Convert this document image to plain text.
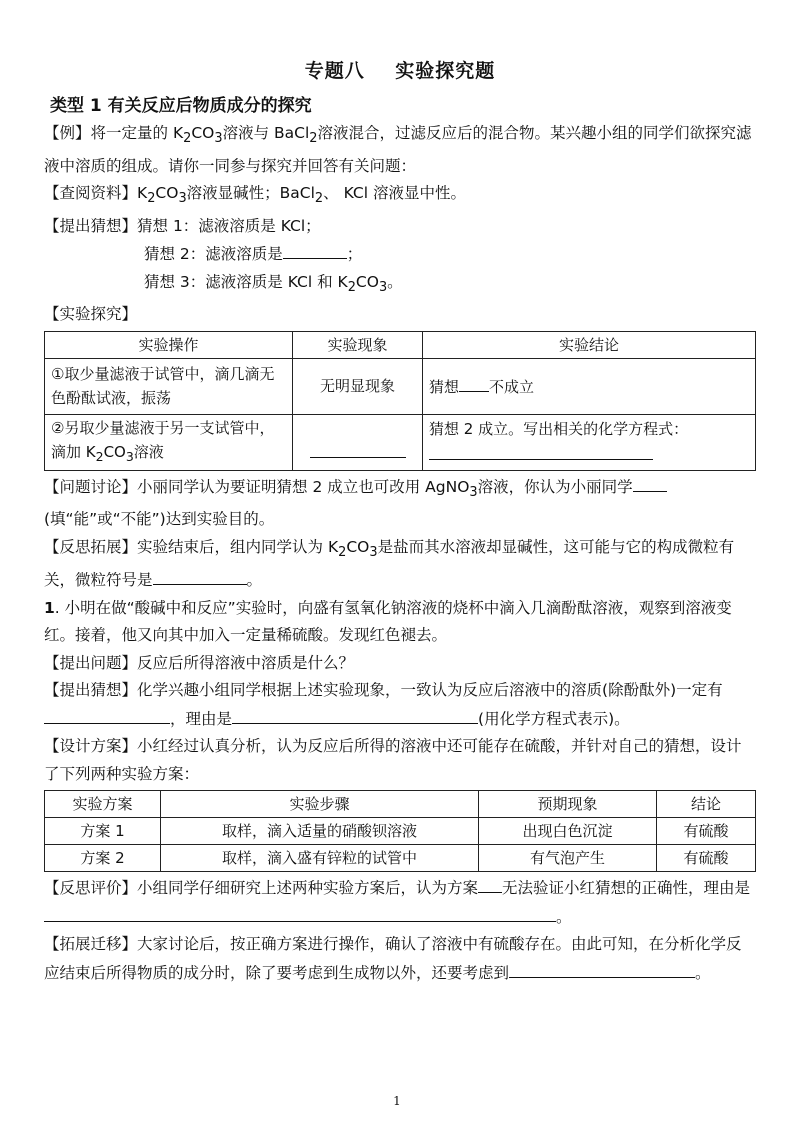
专题八    实验探究题
类型 1 有关反应后物质成分的探究

【例】将一定量的 $K_2CO_3$溶液与 BaCl$_2$溶液混合，过滤反应后的混合物。某兴趣小组的同学们欲探究滤液中溶质的组成。请你一同参与探究并回答有关问题：

【查阅资料】$K_2CO_3$溶液显碱性；BaCl$_2$、 KCl 溶液显中性。

【提出猜想】猜想 1：滤液溶质是 KCl；

猜想 2：滤液溶质是	；

猜想 3：滤液溶质是 KCl 和 $K_2CO_3$。

【实验探究】

实验操作	实验现象	实验结论
①取少量滤液于试管中，滴几滴无色酚酞试液，振荡	无明显现象	猜想 不成立
②另取少量滤液于另一支试管中，滴加 $K_2CO_3$溶液		猜想 2 成立。写出相关的化学方程式：

【问题讨论】小丽同学认为要证明猜想 2 成立也可改用 AgNO$_3$溶液，你认为小丽同学(填“能”或“不能”)达到实验目的。

【反思拓展】实验结束后，组内同学认为 $K_2CO_3$是盐而其水溶液却显碱性，这可能与它的构成微粒有关，微粒符号是	。

1. 小明在做“酸碱中和反应”实验时，向盛有氢氧化钠溶液的烧杯中滴入几滴酚酞溶液，观察到溶液变红。接着，他又向其中加入一定量稀硫酸。发现红色褪去。

【提出问题】反应后所得溶液中溶质是什么？

【提出猜想】化学兴趣小组同学根据上述实验现象，一致认为反应后溶液中的溶质(除酚酞外)一定有，理由是	(用化学方程式表示)。

【设计方案】小红经过认真分析，认为反应后所得的溶液中还可能存在硫酸，并针对自己的猜想，设计了下列两种实验方案：

实验方案	实验步骤	预期现象	结论
方案 1	取样，滴入适量的硝酸钡溶液	出现白色沉淀	有硫酸
方案 2	取样，滴入盛有锌粒的试管中	有气泡产生	有硫酸

【反思评价】小组同学仔细研究上述两种实验方案后，认为方案 无法验证小红猜想的正确性，理由是。

【拓展迁移】大家讨论后，按正确方案进行操作，确认了溶液中有硫酸存在。由此可知，在分析化学反应结束后所得物质的成分时，除了要考虑到生成物以外，还要考虑到	。

1
